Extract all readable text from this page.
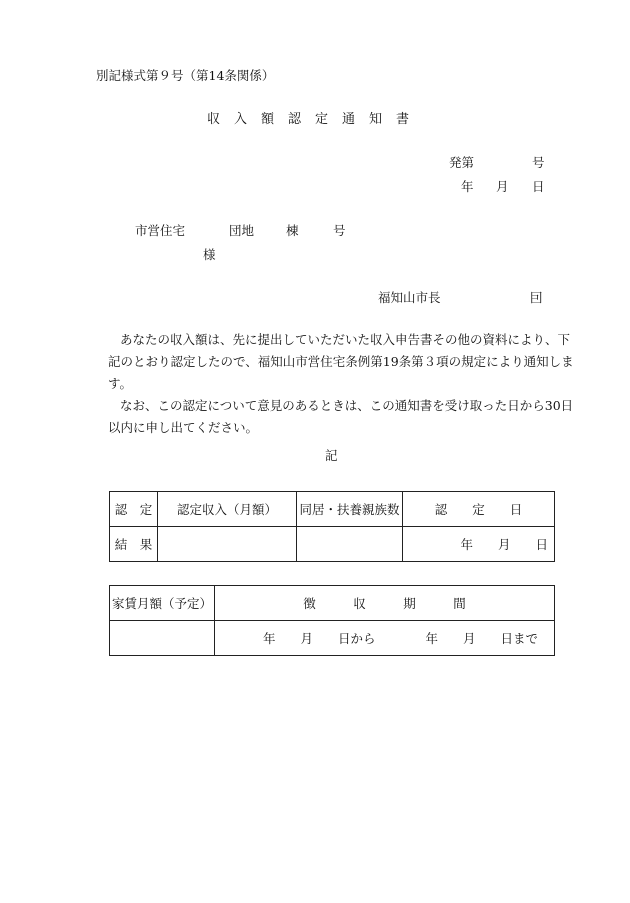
別記様式第９号（第14条関係）
収入額認定通知書
発第	号
年 月 日
市営住宅	団地	棟	号
様
福知山市長	囙

あなたの収入額は、先に提出していただいた収入申告書その他の資料により、下記のとおり認定したので、福知山市営住宅条例第19条第３項の規定により通知します。

なお、この認定について意見のあるときは、この通知書を受け取った日から30日以内に申し出てください。

記
認　定	認定収入（月額）	同居・扶養親族数	認　　定　　日
結　果			年　　月　　日
家賃月額（予定）	徴　　　収　　　期　　　間
	年　　月　　日から　　　　年　　月　　日まで
